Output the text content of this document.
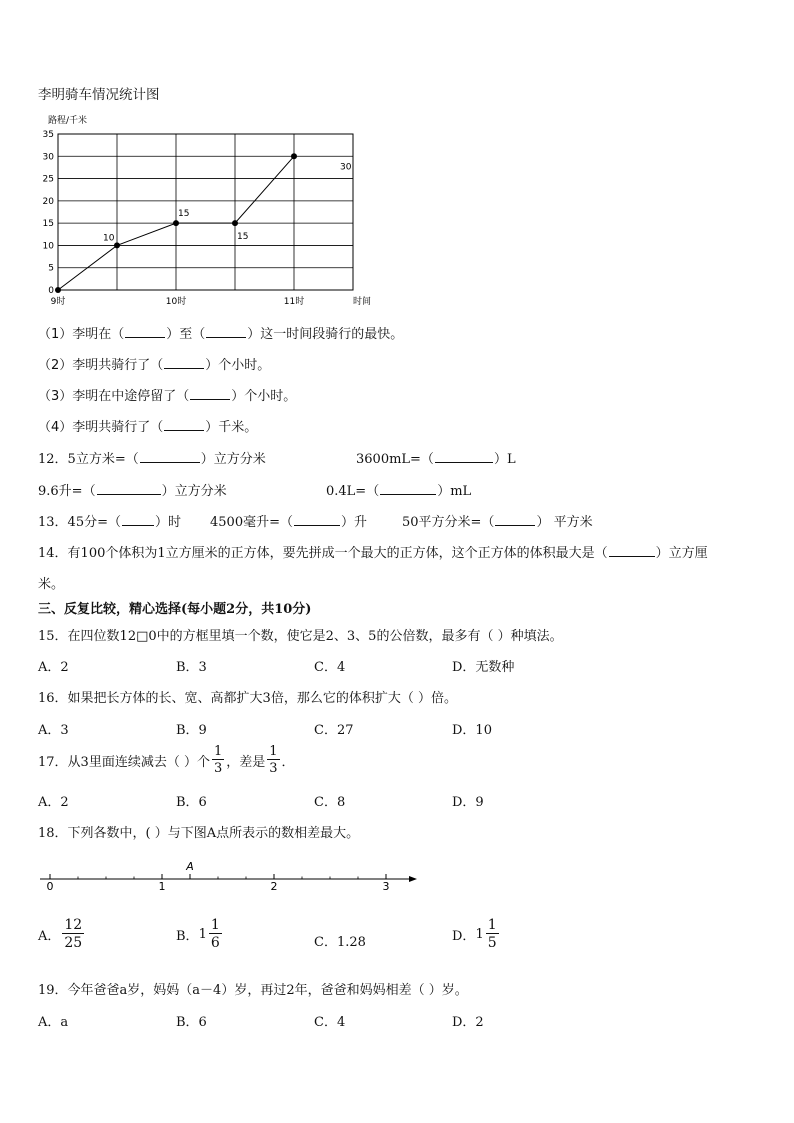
李明骑车情况统计图
0
5
10
15
20
25
30
35
9时	10时	11时
10
15
15
30
路程/千米
时间
（1）李明在（	）至（	）这一时间段骑行的最快。
（2）李明共骑行了（	）个小时。
（3）李明在中途停留了（	）个小时。
（4）李明共骑行了（	）千米。
12．5立方米=（	）立方分米	3600mL=（	）L
9.6升=（	）立方分米	0.4L=（	）mL
13．45分=（	）时 4500毫升=（	）升	50平方分米=（	） 平方米
14．有100个体积为1立方厘米的正方体，要先拼成一个最大的正方体，这个正方体的体积最大是（	）立方厘
米。
三、反复比较，精心选择(每小题2分，共10分)
15．在四位数12□0中的方框里填一个数，使它是2、3、5的公倍数，最多有（ ）种填法。
A．2	B．3	C．4	D．无数种
16．如果把长方体的长、宽、高都扩大3倍，那么它的体积扩大（ ）倍。
A．3	B．9	C．27	D．10
17．从3里面连续减去（ ）个 $\frac{1}{3}$ ，差是 $\frac{1}{3}$ ．
A．2	B．6	C．8	D．9
18．下列各数中，( ）与下图A点所表示的数相差最大。
0	1	2	3
A
A． $\frac{12}{25}$	B． $1 \frac{1}{6}$	C．1.28	D． $1 \frac{1}{5}$
19．今年爸爸a岁，妈妈（a－4）岁，再过2年，爸爸和妈妈相差（ ）岁。
A．a	B．6	C．4	D．2
